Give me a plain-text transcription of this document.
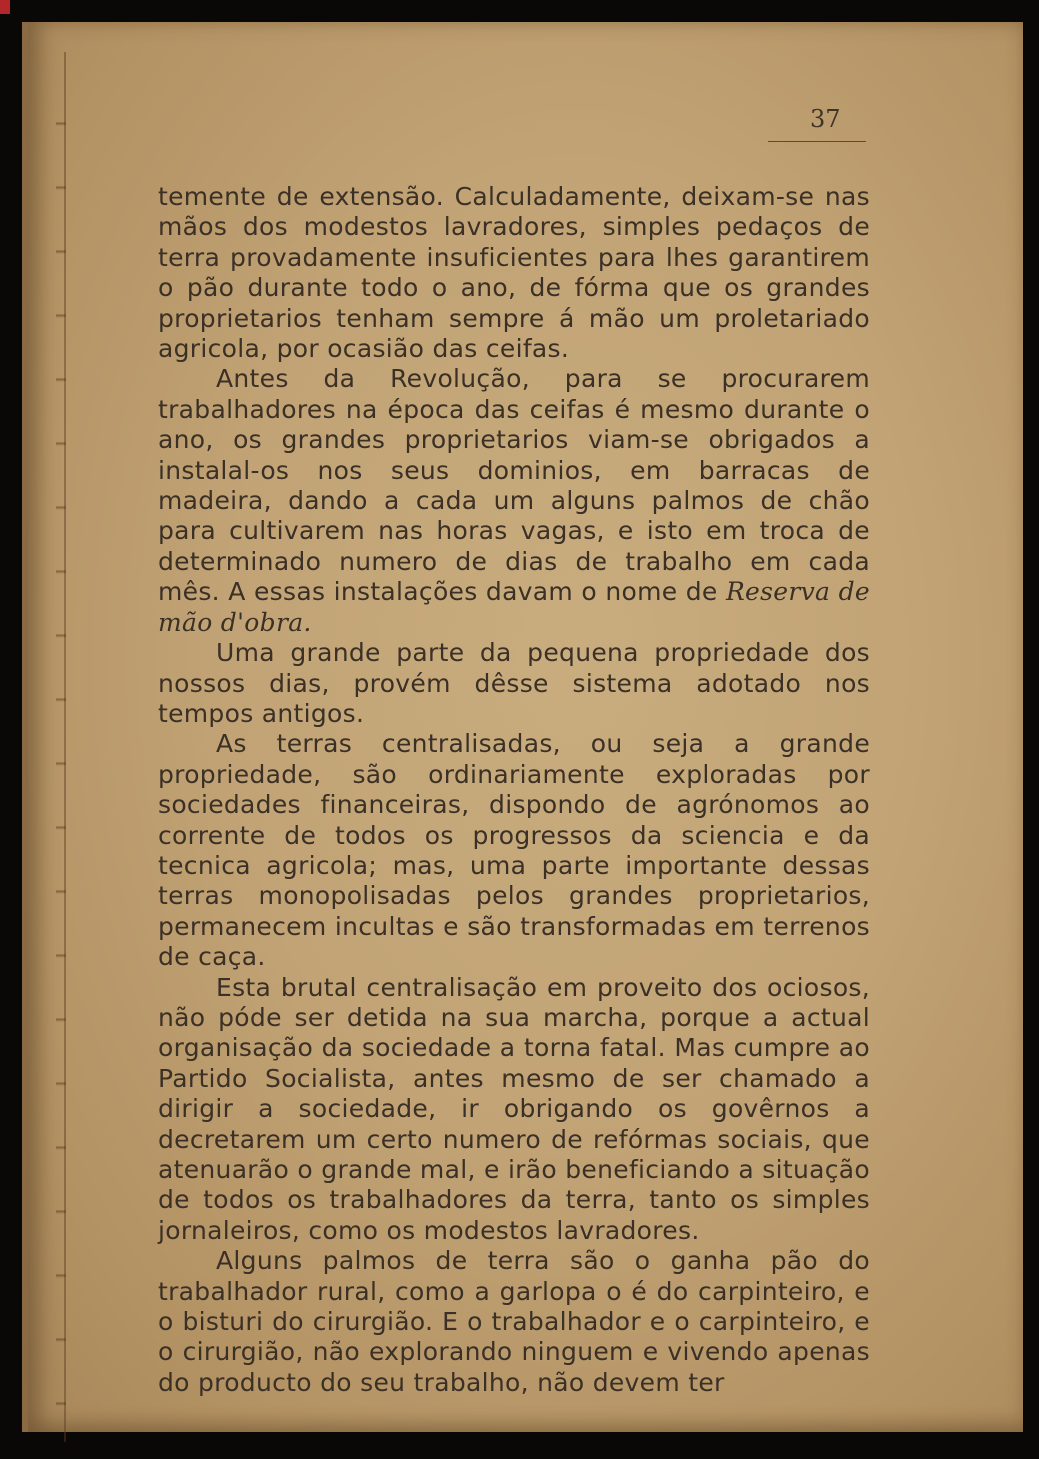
37

temente de extensão. Calculadamente, deixam-se nas mãos dos modestos lavradores, simples pedaços de terra provadamente insuficientes para lhes garantirem o pão durante todo o ano, de fórma que os grandes proprietarios tenham sempre á mão um proletariado agricola, por ocasião das ceifas.

Antes da Revolução, para se procurarem trabalhadores na época das ceifas é mesmo durante o ano, os grandes proprietarios viam-se obrigados a instalal-os nos seus dominios, em barracas de madeira, dando a cada um alguns palmos de chão para cultivarem nas horas vagas, e isto em troca de determinado numero de dias de trabalho em cada mês. A essas instalações davam o nome de Reserva de mão d'obra.

Uma grande parte da pequena propriedade dos nossos dias, provém dêsse sistema adotado nos tempos antigos.

As terras centralisadas, ou seja a grande propriedade, são ordinariamente exploradas por sociedades financeiras, dispondo de agrónomos ao corrente de todos os progressos da sciencia e da tecnica agricola; mas, uma parte importante dessas terras monopolisadas pelos grandes proprietarios, permanecem incultas e são transformadas em terrenos de caça.

Esta brutal centralisação em proveito dos ociosos, não póde ser detida na sua marcha, porque a actual organisação da sociedade a torna fatal. Mas cumpre ao Partido Socialista, antes mesmo de ser chamado a dirigir a sociedade, ir obrigando os govêrnos a decretarem um certo numero de refórmas sociais, que atenuarão o grande mal, e irão beneficiando a situação de todos os trabalhadores da terra, tanto os simples jornaleiros, como os modestos lavradores.

Alguns palmos de terra são o ganha pão do trabalhador rural, como a garlopa o é do carpinteiro, e o bisturi do cirurgião. E o trabalhador e o carpinteiro, e o cirurgião, não explorando ninguem e vivendo apenas do producto do seu trabalho, não devem ter
